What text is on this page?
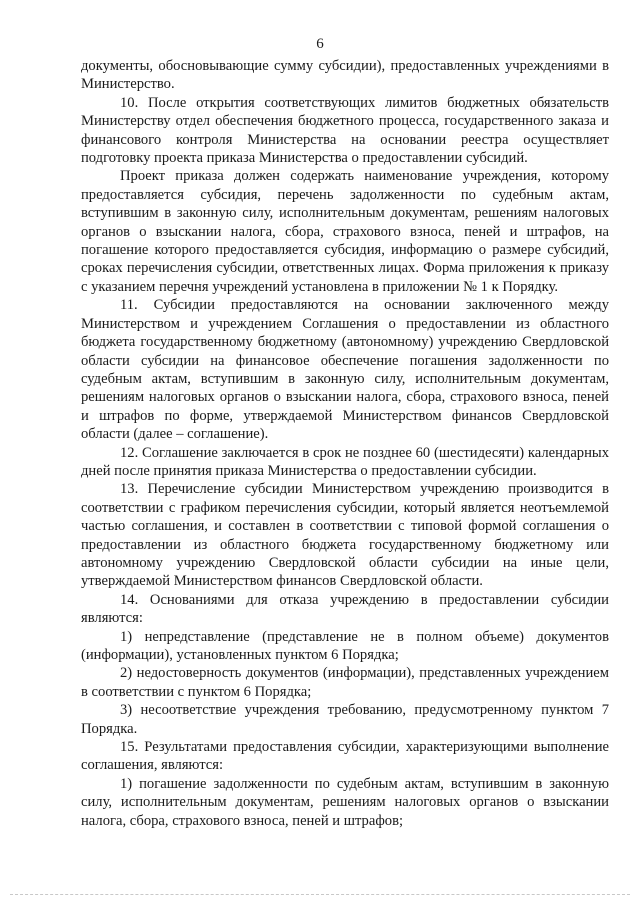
6

документы, обосновывающие сумму субсидии), предоставленных учреждениями в Министерство.

10. После открытия соответствующих лимитов бюджетных обязательств Министерству отдел обеспечения бюджетного процесса, государственного заказа и финансового контроля Министерства на основании реестра осуществляет подготовку проекта приказа Министерства о предоставлении субсидий.

Проект приказа должен содержать наименование учреждения, которому предоставляется субсидия, перечень задолженности по судебным актам, вступившим в законную силу, исполнительным документам, решениям налоговых органов о взыскании налога, сбора, страхового взноса, пеней и штрафов, на погашение которого предоставляется субсидия, информацию о размере субсидий, сроках перечисления субсидии, ответственных лицах. Форма приложения к приказу с указанием перечня учреждений установлена в приложении № 1 к Порядку.

11. Субсидии предоставляются на основании заключенного между Министерством и учреждением Соглашения о предоставлении из областного бюджета государственному бюджетному (автономному) учреждению Свердловской области субсидии на финансовое обеспечение погашения задолженности по судебным актам, вступившим в законную силу, исполнительным документам, решениям налоговых органов о взыскании налога, сбора, страхового взноса, пеней и штрафов по форме, утверждаемой Министерством финансов Свердловской области (далее – соглашение).

12. Соглашение заключается в срок не позднее 60 (шестидесяти) календарных дней после принятия приказа Министерства о предоставлении субсидии.

13. Перечисление субсидии Министерством учреждению производится в соответствии с графиком перечисления субсидии, который является неотъемлемой частью соглашения, и составлен в соответствии с типовой формой соглашения о предоставлении из областного бюджета государственному бюджетному или автономному учреждению Свердловской области субсидии на иные цели, утверждаемой Министерством финансов Свердловской области.

14. Основаниями для отказа учреждению в предоставлении субсидии являются:

1) непредставление (представление не в полном объеме) документов (информации), установленных пунктом 6 Порядка;

2) недостоверность документов (информации), представленных учреждением в соответствии с пунктом 6 Порядка;

3) несоответствие учреждения требованию, предусмотренному пунктом 7 Порядка.

15. Результатами предоставления субсидии, характеризующими выполнение соглашения, являются:

1) погашение задолженности по судебным актам, вступившим в законную силу, исполнительным документам, решениям налоговых органов о взыскании налога, сбора, страхового взноса, пеней и штрафов;
